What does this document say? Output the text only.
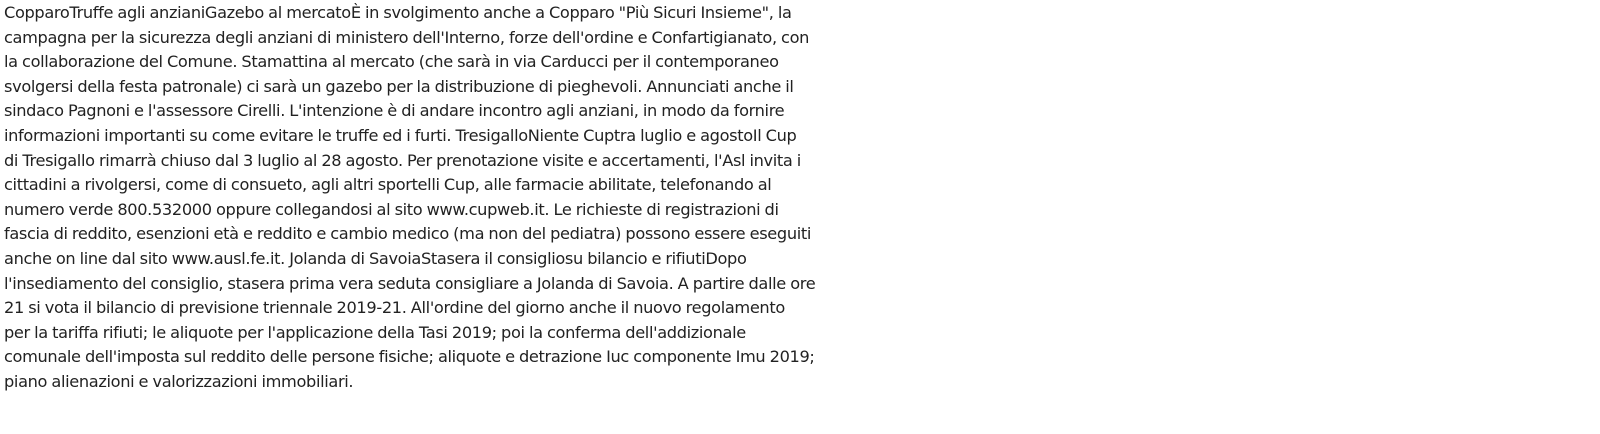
CopparoTruffe agli anzianiGazebo al mercatoÈ in svolgimento anche a Copparo "Più Sicuri Insieme", la
campagna per la sicurezza degli anziani di ministero dell'Interno, forze dell'ordine e Confartigianato, con
la collaborazione del Comune. Stamattina al mercato (che sarà in via Carducci per il contemporaneo
svolgersi della festa patronale) ci sarà un gazebo per la distribuzione di pieghevoli. Annunciati anche il
sindaco Pagnoni e l'assessore Cirelli. L'intenzione è di andare incontro agli anziani, in modo da fornire
informazioni importanti su come evitare le truffe ed i furti. TresigalloNiente Cuptra luglio e agostoIl Cup
di Tresigallo rimarrà chiuso dal 3 luglio al 28 agosto. Per prenotazione visite e accertamenti, l'Asl invita i
cittadini a rivolgersi, come di consueto, agli altri sportelli Cup, alle farmacie abilitate, telefonando al
numero verde 800.532000 oppure collegandosi al sito www.cupweb.it. Le richieste di registrazioni di
fascia di reddito, esenzioni età e reddito e cambio medico (ma non del pediatra) possono essere eseguiti
anche on line dal sito www.ausl.fe.it. Jolanda di SavoiaStasera il consigliosu bilancio e rifiutiDopo
l'insediamento del consiglio, stasera prima vera seduta consigliare a Jolanda di Savoia. A partire dalle ore
21 si vota il bilancio di previsione triennale 2019-21. All'ordine del giorno anche il nuovo regolamento
per la tariffa rifiuti; le aliquote per l'applicazione della Tasi 2019; poi la conferma dell'addizionale
comunale dell'imposta sul reddito delle persone fisiche; aliquote e detrazione Iuc componente Imu 2019;
piano alienazioni e valorizzazioni immobiliari.
